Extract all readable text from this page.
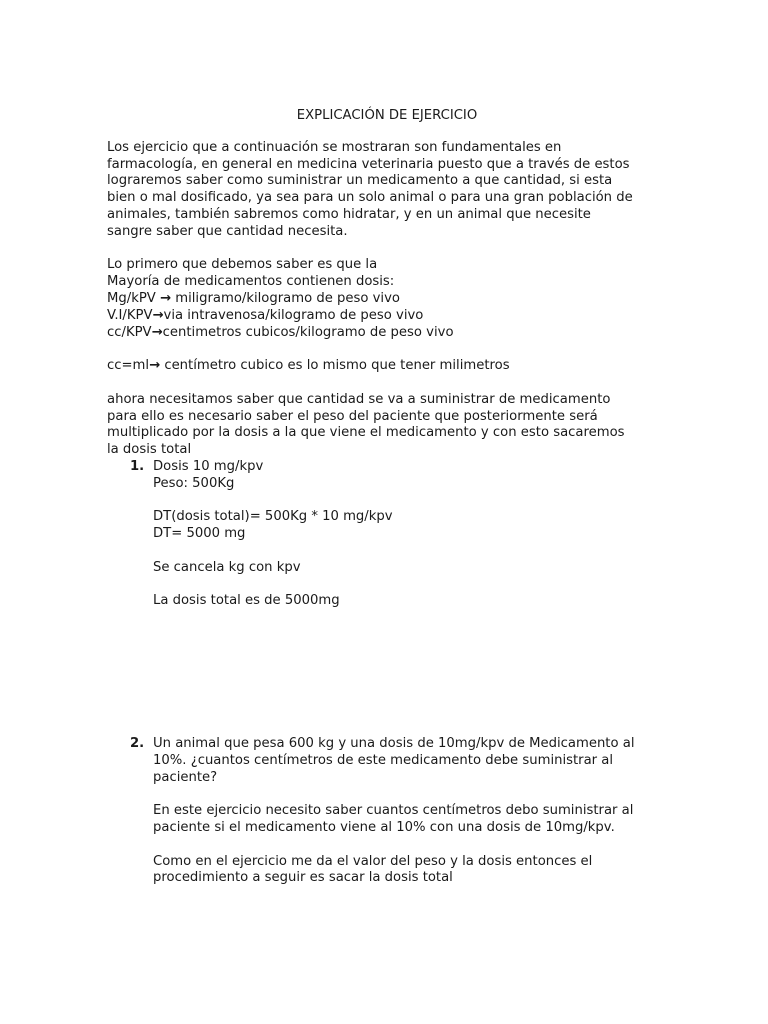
EXPLICACIÓN DE EJERCICIO

Los ejercicio que a continuación se mostraran son fundamentales en
farmacología, en general en medicina veterinaria puesto que a través de estos
lograremos saber como suministrar un medicamento a que cantidad, si esta
bien o mal dosificado, ya sea para un solo animal o para una gran población de
animales, también sabremos como hidratar, y en un animal que necesite
sangre saber que cantidad necesita.

Lo primero que debemos saber es que la
Mayoría de medicamentos contienen dosis:
Mg/kPV → miligramo/kilogramo de peso vivo
V.I/KPV→via intravenosa/kilogramo de peso vivo
cc/KPV→centimetros cubicos/kilogramo de peso vivo

cc=ml→ centímetro cubico es lo mismo que tener milimetros

ahora necesitamos saber que cantidad se va a suministrar de medicamento
para ello es necesario saber el peso del paciente que posteriormente será
multiplicado por la dosis a la que viene el medicamento y con esto sacaremos
la dosis total

1. Dosis 10 mg/kpv
Peso: 500Kg
DT(dosis total)= 500Kg * 10 mg/kpv
DT= 5000 mg
Se cancela kg con kpv
La dosis total es de 5000mg
2. Un animal que pesa 600 kg y una dosis de 10mg/kpv de Medicamento al
10%. ¿cuantos centímetros de este medicamento debe suministrar al
paciente?
En este ejercicio necesito saber cuantos centímetros debo suministrar al
paciente si el medicamento viene al 10% con una dosis de 10mg/kpv.
Como en el ejercicio me da el valor del peso y la dosis entonces el
procedimiento a seguir es sacar la dosis total
